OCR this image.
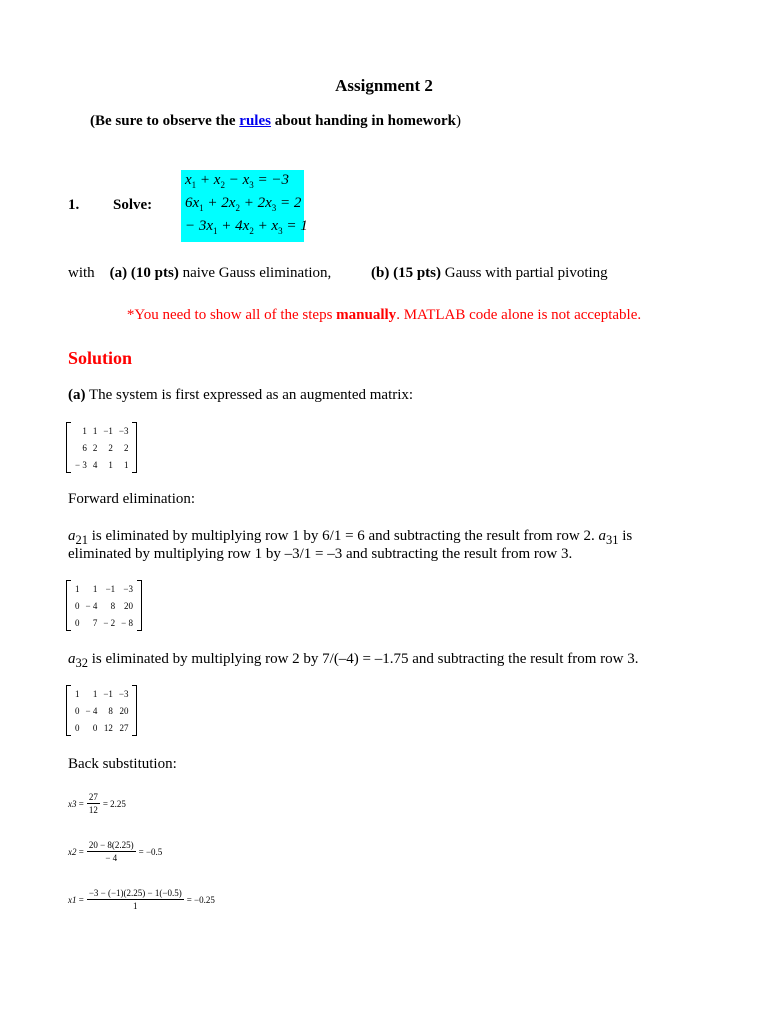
Assignment 2
(Be sure to observe the rules about handing in homework)
1. Solve:
$x_1 + x_2 - x_3 = -3$
$6x_1 + 2x_2 + 2x_3 = 2$
− $3x_1 + 4x_2 + x_3 = 1$
with (a) (10 pts) naive Gauss elimination,	(b) (15 pts) Gauss with partial pivoting
*You need to show all of the steps manually. MATLAB code alone is not acceptable.
Solution
(a) The system is first expressed as an augmented matrix:
1	1	−1	−3
6	2	2	2
− 3	4	1	1
Forward elimination:
$a_{21}$ is eliminated by multiplying row 1 by 6/1 = 6 and subtracting the result from row 2. $a_{31}$ is
eliminated by multiplying row 1 by –3/1 = –3 and subtracting the result from row 3.
1	1	−1	−3
0	− 4	8	20
0	7	− 2	− 8
$a_{32}$ is eliminated by multiplying row 2 by 7/(–4) = –1.75 and subtracting the result from row 3.
1	1	−1	−3
0	− 4	8	20
0	0	12	27
Back substitution:
x3 =
27
12
= 2.25
x2 =
20 − 8(2.25)
− 4
= −0.5
x1 =
−3 − (−1)(2.25) − 1(−0.5)
1
= −0.25
